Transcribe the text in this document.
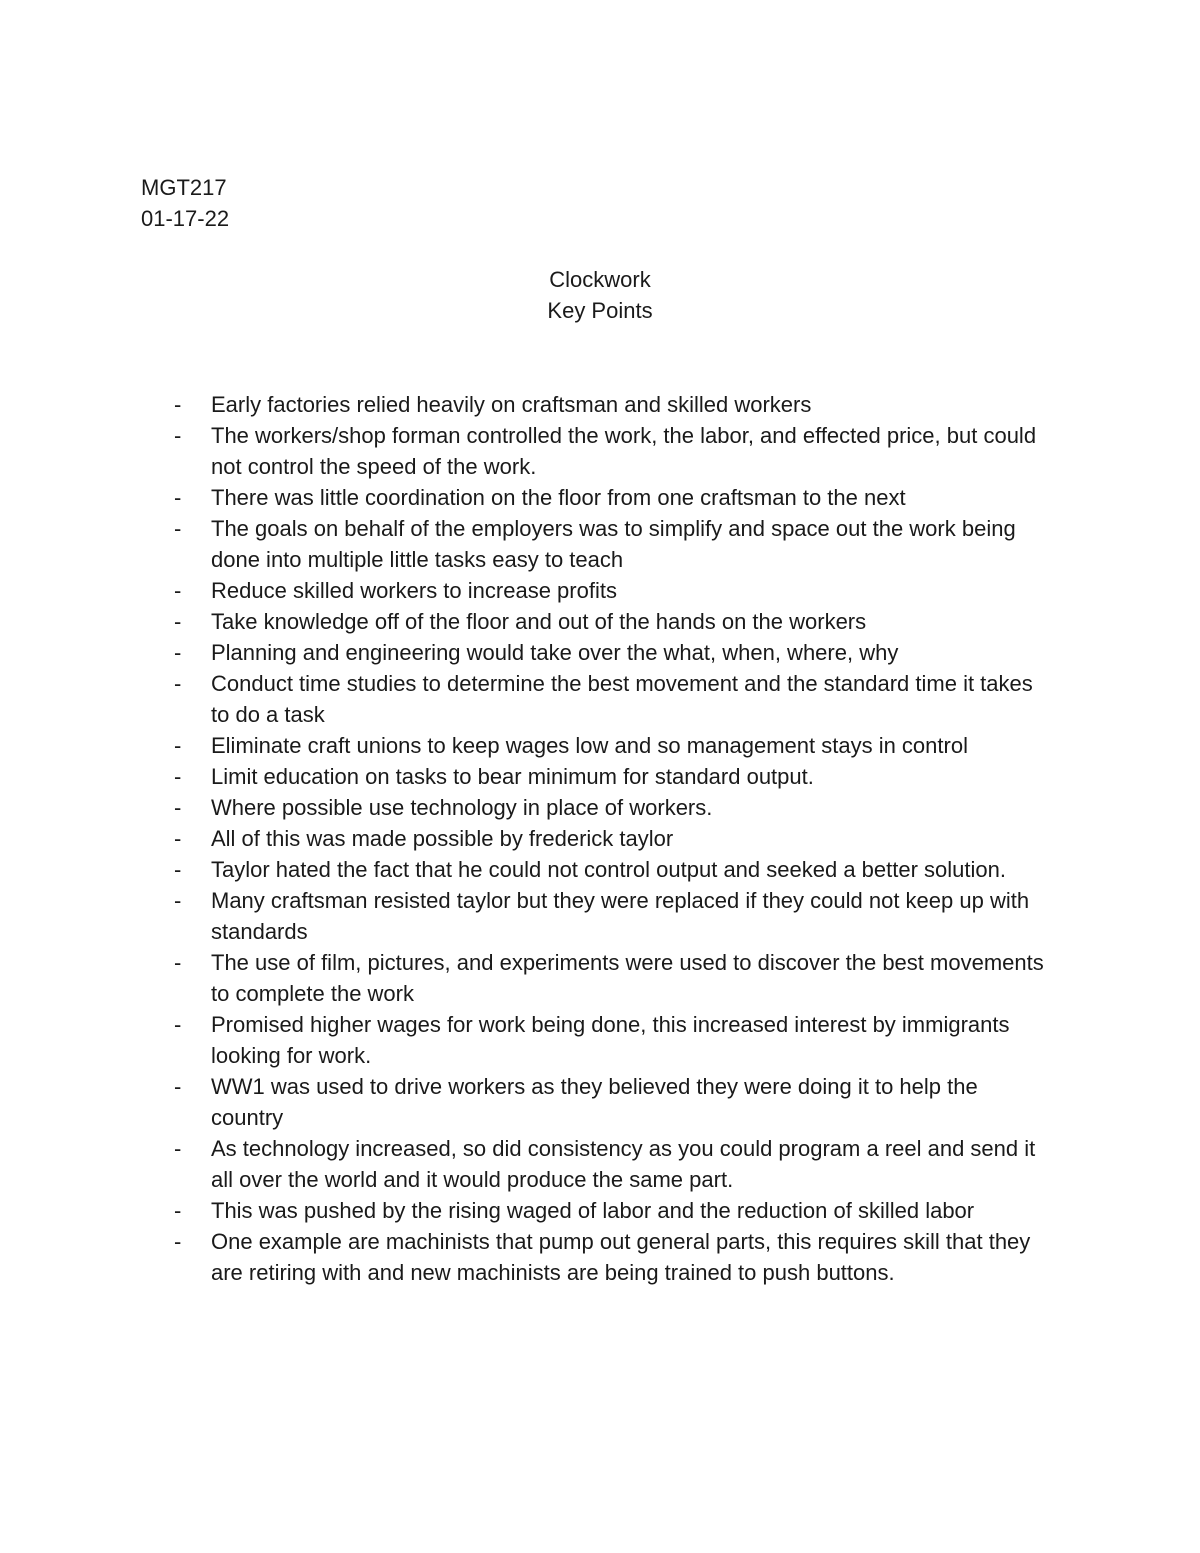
MGT217
01-17-22
Clockwork
Key Points
- Early factories relied heavily on craftsman and skilled workers
- The workers/shop forman controlled the work, the labor, and effected price, but could not control the speed of the work.
- There was little coordination on the floor from one craftsman to the next
- The goals on behalf of the employers was to simplify and space out the work being done into multiple little tasks easy to teach
- Reduce skilled workers to increase profits
- Take knowledge off of the floor and out of the hands on the workers
- Planning and engineering would take over the what, when, where, why
- Conduct time studies to determine the best movement and the standard time it takes to do a task
- Eliminate craft unions to keep wages low and so management stays in control
- Limit education on tasks to bear minimum for standard output.
- Where possible use technology in place of workers.
- All of this was made possible by frederick taylor
- Taylor hated the fact that he could not control output and seeked a better solution.
- Many craftsman resisted taylor but they were replaced if they could not keep up with standards
- The use of film, pictures, and experiments were used to discover the best movements to complete the work
- Promised higher wages for work being done, this increased interest by immigrants looking for work.
- WW1 was used to drive workers as they believed they were doing it to help the country
- As technology increased, so did consistency as you could program a reel and send it all over the world and it would produce the same part.
- This was pushed by the rising waged of labor and the reduction of skilled labor
- One example are machinists that pump out general parts, this requires skill that they are retiring with and new machinists are being trained to push buttons.
